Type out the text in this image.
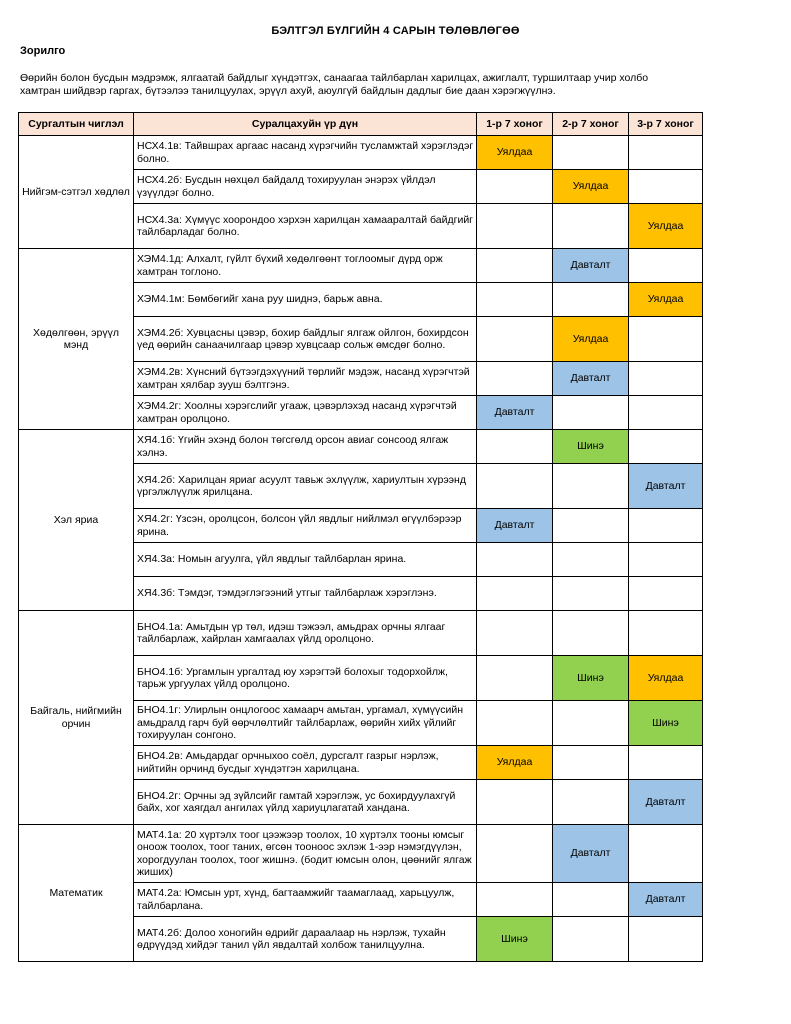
БЭЛТГЭЛ БҮЛГИЙН 4 САРЫН ТӨЛӨВЛӨГӨӨ
Зорилго
Өөрийн болон бусдын мэдрэмж, ялгаатай байдлыг хүндэтгэх, санаагаа тайлбарлан харилцах, ажиглалт, туршилтаар учир холбо
хамтран шийдвэр гаргах, бүтээлээ танилцуулах, эрүүл ахуй, аюулгүй байдлын дадлыг бие даан хэрэгжүүлнэ.
Сургалтын чиглэл	Суралцахуйн үр дүн	1-р 7 хоног	2-р 7 хоног	3-р 7 хоног
Нийгэм-сэтгэл хөдлөл	НСХ4.1в: Тайвшрах аргаас насанд хүрэгчийн тусламжтай хэрэглэдэг болно.	Уялдаа		
	НСХ4.2б: Бусдын нөхцөл байдалд тохируулан энэрэх үйлдэл үзүүлдэг болно.		Уялдаа	
	НСХ4.3а: Хүмүүс хоорондоо хэрхэн харилцан хамааралтай байдгийг тайлбарладаг болно.			Уялдаа
Хөдөлгөөн, эрүүл мэнд	ХЭМ4.1д: Алхалт, гүйлт бүхий хөдөлгөөнт тоглоомыг дүрд орж хамтран тоглоно.		Давталт	
	ХЭМ4.1м: Бөмбөгийг хана руу шиднэ, барьж авна.			Уялдаа
	ХЭМ4.2б: Хувцасны цэвэр, бохир байдлыг ялгаж ойлгон, бохирдсон үед өөрийн санаачилгаар цэвэр хувцсаар сольж өмсдөг болно.		Уялдаа	
	ХЭМ4.2в: Хүнсний бүтээгдэхүүний төрлийг мэдэж, насанд хүрэгчтэй хамтран хялбар зууш бэлтгэнэ.		Давталт	
	ХЭМ4.2г: Хоолны хэрэгслийг угааж, цэвэрлэхэд насанд хүрэгчтэй хамтран оролцоно.	Давталт		
Хэл яриа	ХЯ4.1б: Үгийн эхэнд болон төгсгөлд орсон авиаг сонсоод ялгаж хэлнэ.		Шинэ	
	ХЯ4.2б: Харилцан яриаг асуулт тавьж эхлүүлж, хариултын хүрээнд үргэлжлүүлж ярилцана.			Давталт
	ХЯ4.2г: Үзсэн, оролцсон, болсон үйл явдлыг нийлмэл өгүүлбэрээр ярина.	Давталт		
	ХЯ4.3а: Номын агуулга, үйл явдлыг тайлбарлан ярина.			
	ХЯ4.3б: Тэмдэг, тэмдэглэгээний утгыг тайлбарлаж хэрэглэнэ.			
Байгаль, нийгмийн орчин	БНО4.1а: Амьтдын үр төл, идэш тэжээл, амьдрах орчны ялгааг тайлбарлаж, хайрлан хамгаалах үйлд оролцоно.			
	БНО4.1б: Ургамлын ургалтад юу хэрэгтэй болохыг тодорхойлж, тарьж ургуулах үйлд оролцоно.		Шинэ	Уялдаа
	БНО4.1г: Улирлын онцлогоос хамаарч амьтан, ургамал, хүмүүсийн амьдралд гарч буй өөрчлөлтийг тайлбарлаж, өөрийн хийх үйлийг тохируулан сонгоно.			Шинэ
	БНО4.2в: Амьдардаг орчныхоо соёл, дурсгалт газрыг нэрлэж, нийтийн орчинд бусдыг хүндэтгэн харилцана.	Уялдаа		
	БНО4.2г: Орчны эд зүйлсийг гамтай хэрэглэж, ус бохирдуулахгүй байх, хог хаягдал ангилах үйлд хариуцлагатай хандана.			Давталт
Математик	МАТ4.1а: 20 хүртэлх тоог цээжээр тоолох, 10 хүртэлх тооны юмсыг оноож тоолох, тоог таних, өгсөн тооноос эхлэж 1-ээр нэмэгдүүлэн, хорогдуулан тоолох, тоог жишнэ. (бодит юмсын олон, цөөнийг ялгаж жиших)		Давталт	
	МАТ4.2а: Юмсын урт, хүнд, багтаамжийг таамаглаад, харьцуулж, тайлбарлана.			Давталт
	МАТ4.2б: Долоо хоногийн өдрийг дараалаар нь нэрлэж, тухайн өдрүүдэд хийдэг танил үйл явдалтай холбож танилцуулна.	Шинэ		
